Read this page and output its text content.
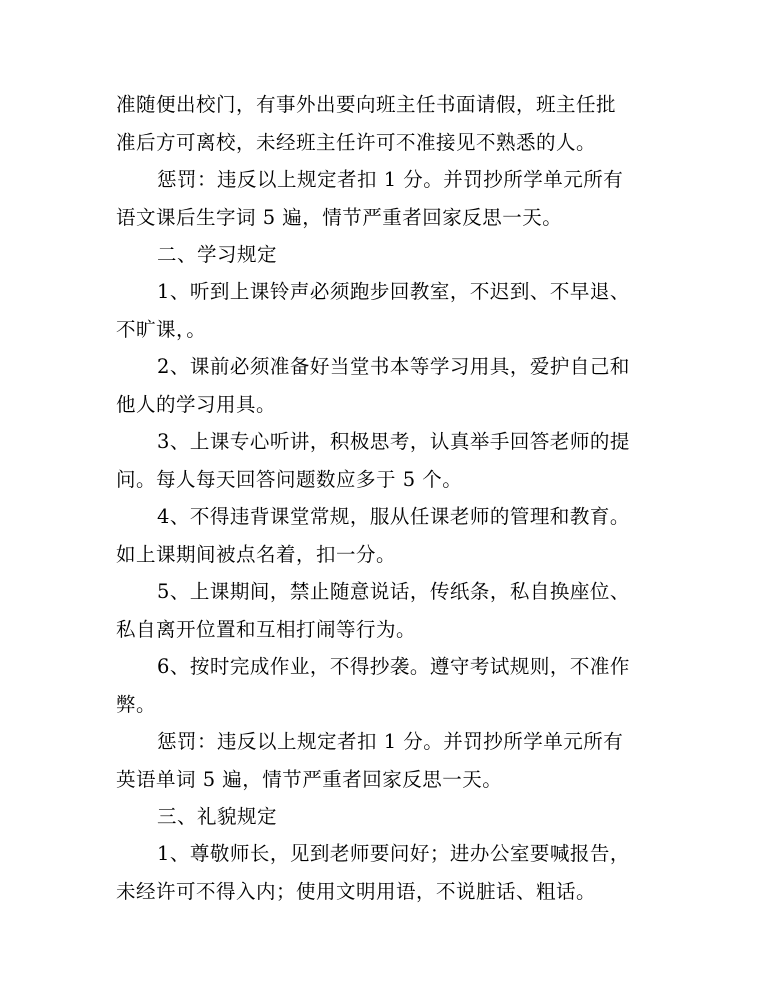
准随便出校门，有事外出要向班主任书面请假，班主任批
准后方可离校，未经班主任许可不准接见不熟悉的人。
惩罚：违反以上规定者扣 1 分。并罚抄所学单元所有
语文课后生字词 5 遍，情节严重者回家反思一天。
二、学习规定
1、听到上课铃声必须跑步回教室，不迟到、不早退、
不旷课，。
2、课前必须准备好当堂书本等学习用具，爱护自己和
他人的学习用具。
3、上课专心听讲，积极思考，认真举手回答老师的提
问。每人每天回答问题数应多于 5 个。
4、不得违背课堂常规，服从任课老师的管理和教育。
如上课期间被点名着，扣一分。
5、上课期间，禁止随意说话，传纸条，私自换座位、
私自离开位置和互相打闹等行为。
6、按时完成作业，不得抄袭。遵守考试规则，不准作
弊。
惩罚：违反以上规定者扣 1 分。并罚抄所学单元所有
英语单词 5 遍，情节严重者回家反思一天。
三、礼貌规定
1、尊敬师长，见到老师要问好；进办公室要喊报告，
未经许可不得入内；使用文明用语，不说脏话、粗话。
